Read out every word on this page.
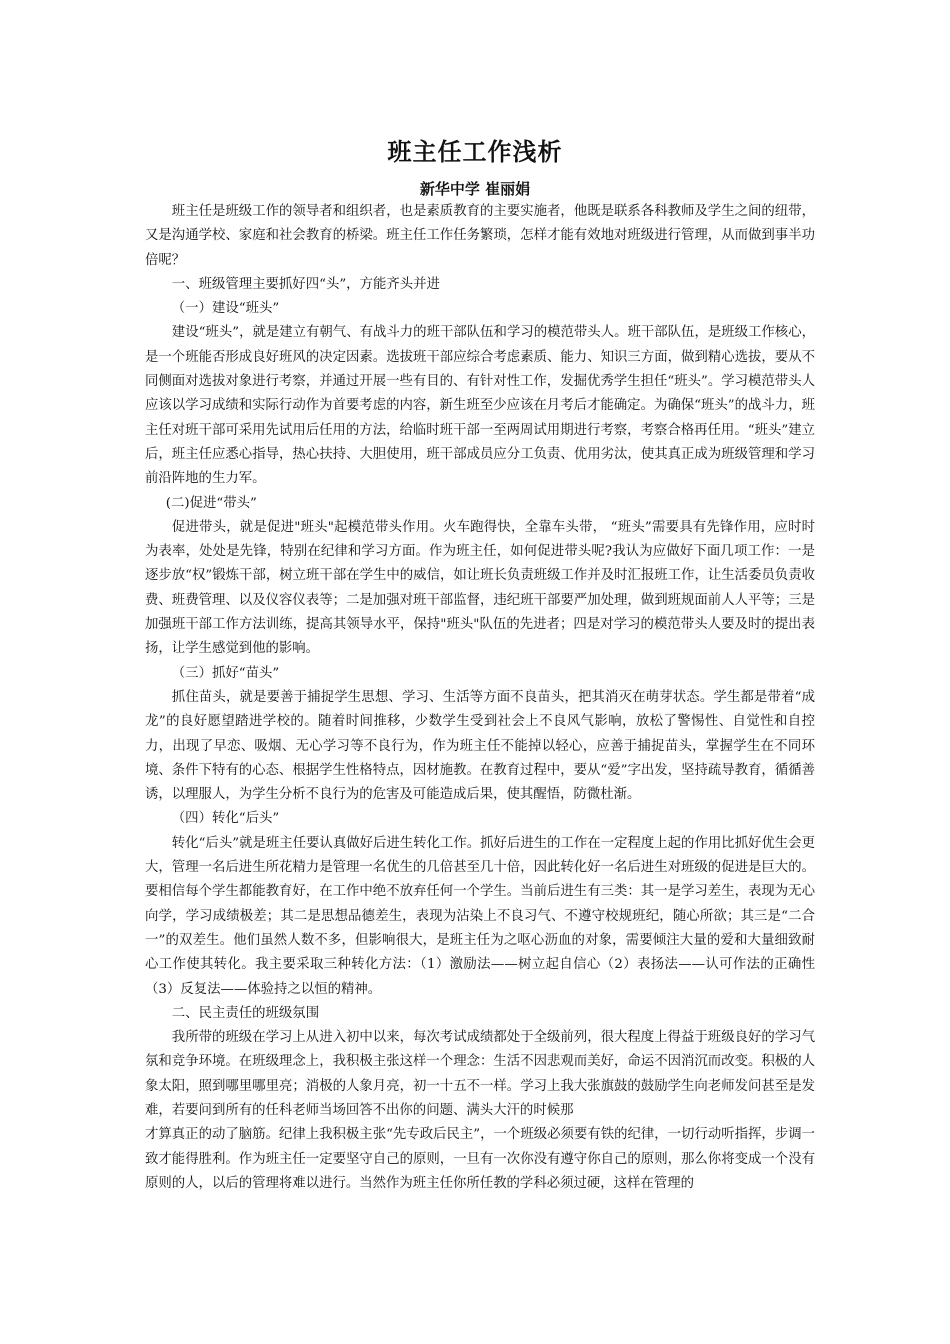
班主任工作浅析
新华中学 崔丽娟

班主任是班级工作的领导者和组织者，也是素质教育的主要实施者，他既是联系各科教师及学生之间的纽带，又是沟通学校、家庭和社会教育的桥梁。班主任工作任务繁琐，怎样才能有效地对班级进行管理，从而做到事半功倍呢？

一、班级管理主要抓好四“头”，方能齐头并进

（一）建设“班头”

建设“班头”，就是建立有朝气、有战斗力的班干部队伍和学习的模范带头人。班干部队伍，是班级工作核心，是一个班能否形成良好班风的决定因素。选拔班干部应综合考虑素质、能力、知识三方面，做到精心选拔，要从不同侧面对选拔对象进行考察，并通过开展一些有目的、有针对性工作，发掘优秀学生担任“班头”。学习模范带头人应该以学习成绩和实际行动作为首要考虑的内容，新生班至少应该在月考后才能确定。为确保“班头”的战斗力，班主任对班干部可采用先试用后任用的方法，给临时班干部一至两周试用期进行考察，考察合格再任用。“班头”建立后，班主任应悉心指导，热心扶持、大胆使用，班干部成员应分工负责、优用劣汰，使其真正成为班级管理和学习前沿阵地的生力军。

(二)促进“带头”

促进带头，就是促进"班头"起模范带头作用。火车跑得快，全靠车头带， “班头”需要具有先锋作用，应时时为表率，处处是先锋，特别在纪律和学习方面。作为班主任，如何促进带头呢?我认为应做好下面几项工作：一是逐步放“权”锻炼干部，树立班干部在学生中的威信，如让班长负责班级工作并及时汇报班工作，让生活委员负责收费、班费管理、以及仪容仪表等；二是加强对班干部监督，违纪班干部要严加处理，做到班规面前人人平等；三是加强班干部工作方法训练，提高其领导水平，保持"班头"队伍的先进者；四是对学习的模范带头人要及时的提出表扬，让学生感觉到他的影响。

（三）抓好“苗头”

抓住苗头，就是要善于捕捉学生思想、学习、生活等方面不良苗头，把其消灭在萌芽状态。学生都是带着“成龙”的良好愿望踏进学校的。随着时间推移，少数学生受到社会上不良风气影响，放松了警惕性、自觉性和自控力，出现了早恋、吸烟、无心学习等不良行为，作为班主任不能掉以轻心，应善于捕捉苗头，掌握学生在不同环境、条件下特有的心态、根据学生性格特点，因材施教。在教育过程中，要从“爱”字出发，坚持疏导教育，循循善诱，以理服人，为学生分析不良行为的危害及可能造成后果，使其醒悟，防微杜渐。

（四）转化“后头”

转化“后头”就是班主任要认真做好后进生转化工作。抓好后进生的工作在一定程度上起的作用比抓好优生会更大，管理一名后进生所花精力是管理一名优生的几倍甚至几十倍，因此转化好一名后进生对班级的促进是巨大的。要相信每个学生都能教育好，在工作中绝不放弃任何一个学生。当前后进生有三类：其一是学习差生，表现为无心向学，学习成绩极差；其二是思想品德差生，表现为沾染上不良习气、不遵守校规班纪，随心所欲；其三是“二合一”的双差生。他们虽然人数不多，但影响很大，是班主任为之呕心沥血的对象，需要倾注大量的爱和大量细致耐心工作使其转化。我主要采取三种转化方法：（1）激励法——树立起自信心（2）表扬法——认可作法的正确性（3）反复法——体验持之以恒的精神。

二、民主责任的班级氛围

我所带的班级在学习上从进入初中以来，每次考试成绩都处于全级前列，很大程度上得益于班级良好的学习气氛和竞争环境。在班级理念上，我积极主张这样一个理念：生活不因悲观而美好，命运不因消沉而改变。积极的人象太阳，照到哪里哪里亮；消极的人象月亮，初一十五不一样。学习上我大张旗鼓的鼓励学生向老师发问甚至是发难，若要问到所有的任科老师当场回答不出你的问题、满头大汗的时候那

才算真正的动了脑筋。纪律上我积极主张“先专政后民主”，一个班级必须要有铁的纪律，一切行动听指挥，步调一致才能得胜利。作为班主任一定要坚守自己的原则，一旦有一次你没有遵守你自己的原则，那么你将变成一个没有原则的人，以后的管理将难以进行。当然作为班主任你所任教的学科必须过硬，这样在管理的
